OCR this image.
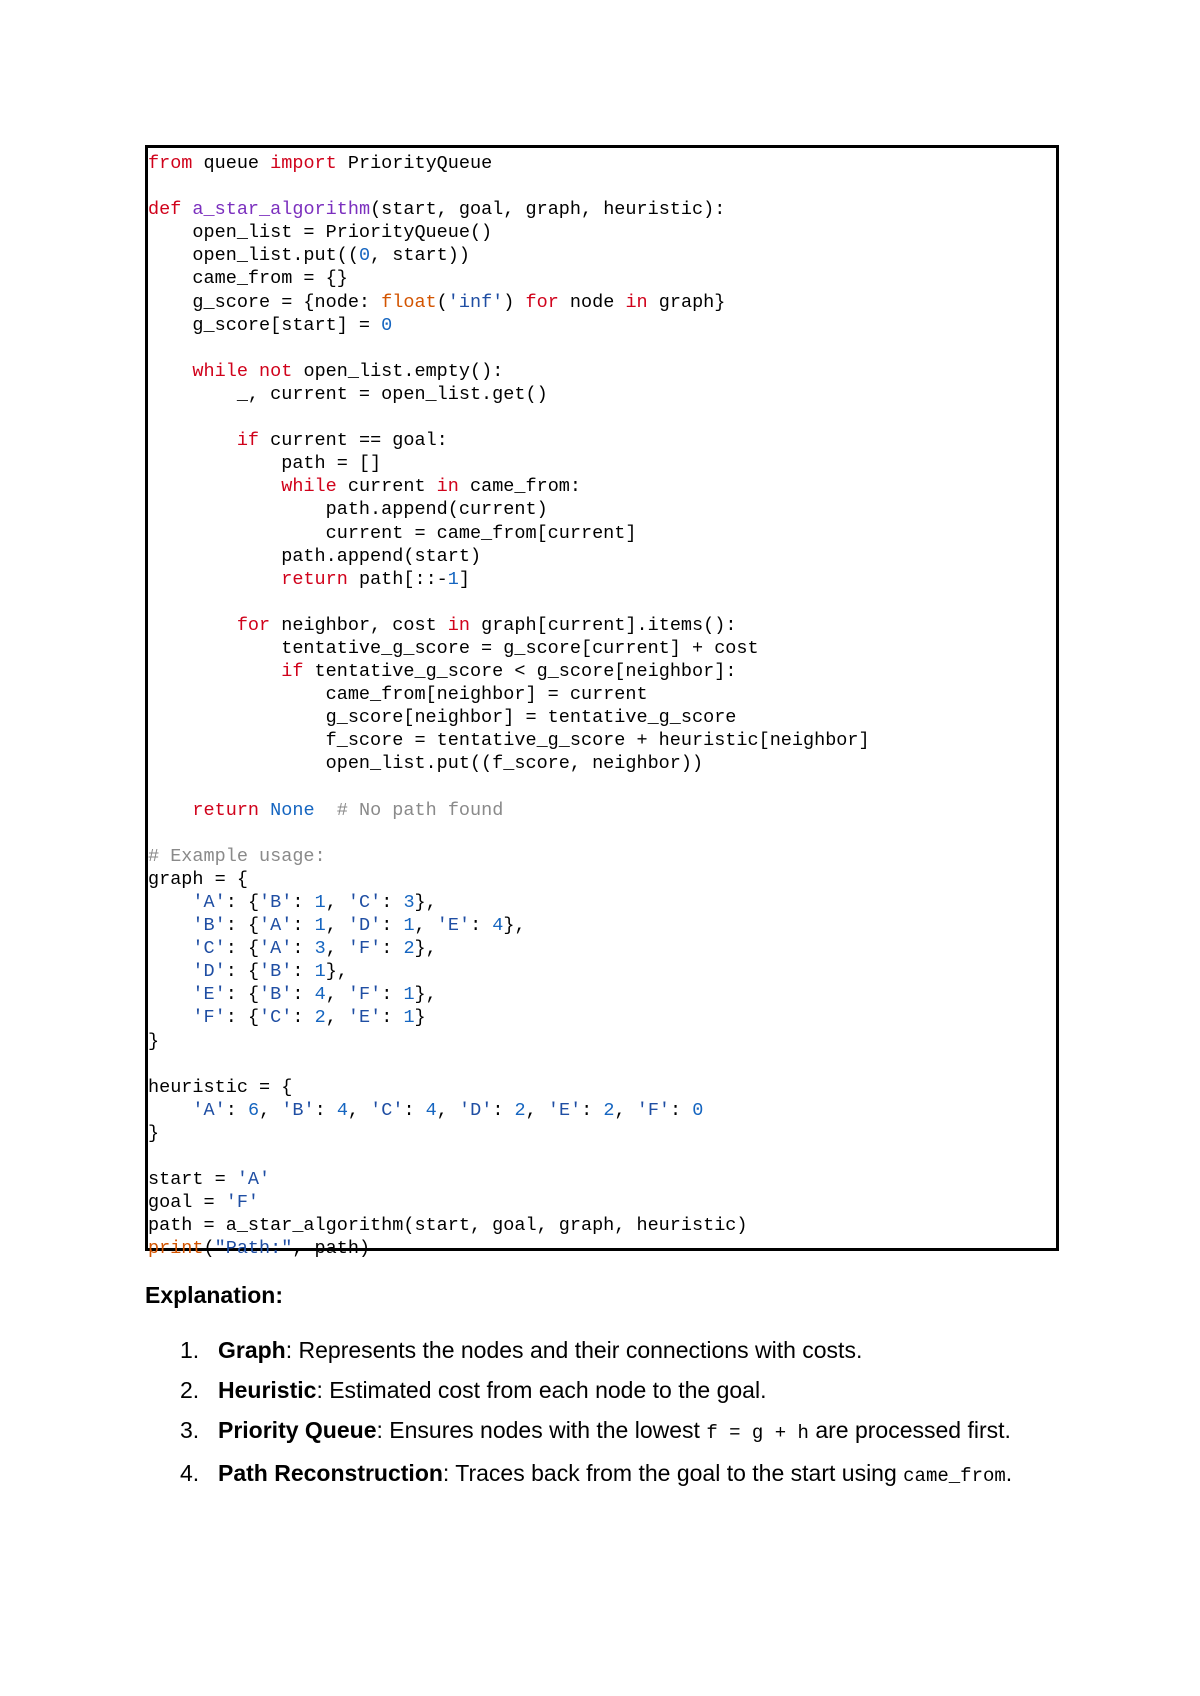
from queue import PriorityQueue

def a_star_algorithm(start, goal, graph, heuristic):
open_list = PriorityQueue()
open_list.put((0, start))
came_from = {}
g_score = {node: float('inf') for node in graph}
g_score[start] = 0

while not open_list.empty():
_, current = open_list.get()

if current == goal:
path = []
while current in came_from:
path.append(current)
current = came_from[current]
path.append(start)
return path[::-1]

for neighbor, cost in graph[current].items():
tentative_g_score = g_score[current] + cost
if tentative_g_score < g_score[neighbor]:
came_from[neighbor] = current
g_score[neighbor] = tentative_g_score
f_score = tentative_g_score + heuristic[neighbor]
open_list.put((f_score, neighbor))

return None # No path found

# Example usage:
graph = {
'A': {'B': 1, 'C': 3},
'B': {'A': 1, 'D': 1, 'E': 4},
'C': {'A': 3, 'F': 2},
'D': {'B': 1},
'E': {'B': 4, 'F': 1},
'F': {'C': 2, 'E': 1}
}

heuristic = {
'A': 6, 'B': 4, 'C': 4, 'D': 2, 'E': 2, 'F': 0
}

start = 'A'
goal = 'F'
path = a_star_algorithm(start, goal, graph, heuristic)
print("Path:", path)
Explanation:
1. Graph: Represents the nodes and their connections with costs.
2. Heuristic: Estimated cost from each node to the goal.
3. Priority Queue: Ensures nodes with the lowest f = g + h are processed first.
4. Path Reconstruction: Traces back from the goal to the start using came_from.
